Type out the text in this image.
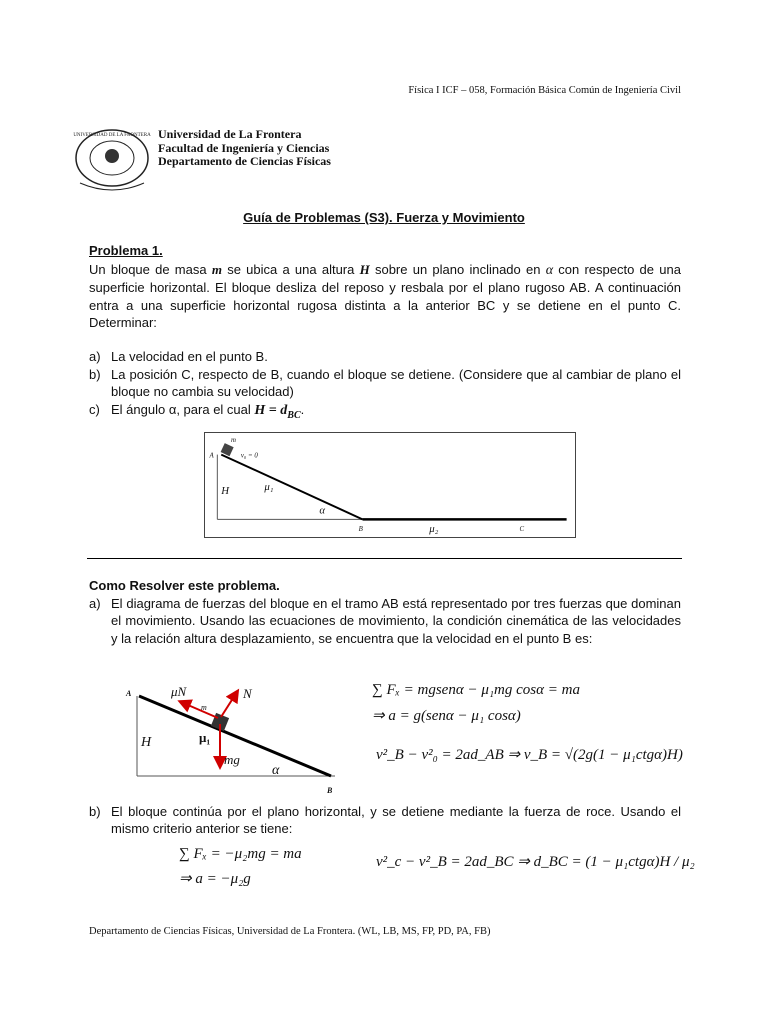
Física I ICF – 058, Formación Básica Común de Ingeniería Civil
UNIVERSIDAD DE LA FRONTERA Universidad de La Frontera
Facultad de Ingeniería y Ciencias
Departamento de Ciencias Físicas
Guía de Problemas (S3). Fuerza y Movimiento
Problema 1.
Un bloque de masa m se ubica a una altura H sobre un plano inclinado en α con respecto de una superficie horizontal. El bloque desliza del reposo y resbala por el plano rugoso AB. A continuación entra a una superficie horizontal rugosa distinta a la anterior BC y se detiene en el punto C. Determinar:
a) La velocidad en el punto B.
b) La posición C, respecto de B, cuando el bloque se detiene. (Considere que al cambiar de plano el bloque no cambia su velocidad)
c) El ángulo α, para el cual $H = d_{BC}$.
m
A	v₀ = 0
H	μ₁
α
B	μ₂	C
Como Resolver este problema.
a) El diagrama de fuerzas del bloque en el tramo AB está representado por tres fuerzas que dominan el movimiento. Usando las ecuaciones de movimiento, la condición cinemática de las velocidades y la relación altura desplazamiento, se encuentra que la velocidad en el punto B es:
A	μN	N
m
H	μ₁
mg
α
B
∑ Fₓ = mgsenα − μ₁mg cosα = ma
⇒ a = g(senα − μ₁ cosα)
v²_B − v²₀ = 2ad_AB ⇒ v_B = √(2g(1 − μ₁ctgα)H)
b) El bloque continúa por el plano horizontal, y se detiene mediante la fuerza de roce. Usando el mismo criterio anterior se tiene:
∑ Fₓ = −μ₂mg = ma
⇒ a = −μ₂g
v²_c − v²_B = 2ad_BC ⇒ d_BC = (1 − μ₁ctgα)H / μ₂
Departamento de Ciencias Físicas, Universidad de La Frontera. (WL, LB, MS, FP, PD, PA, FB)
